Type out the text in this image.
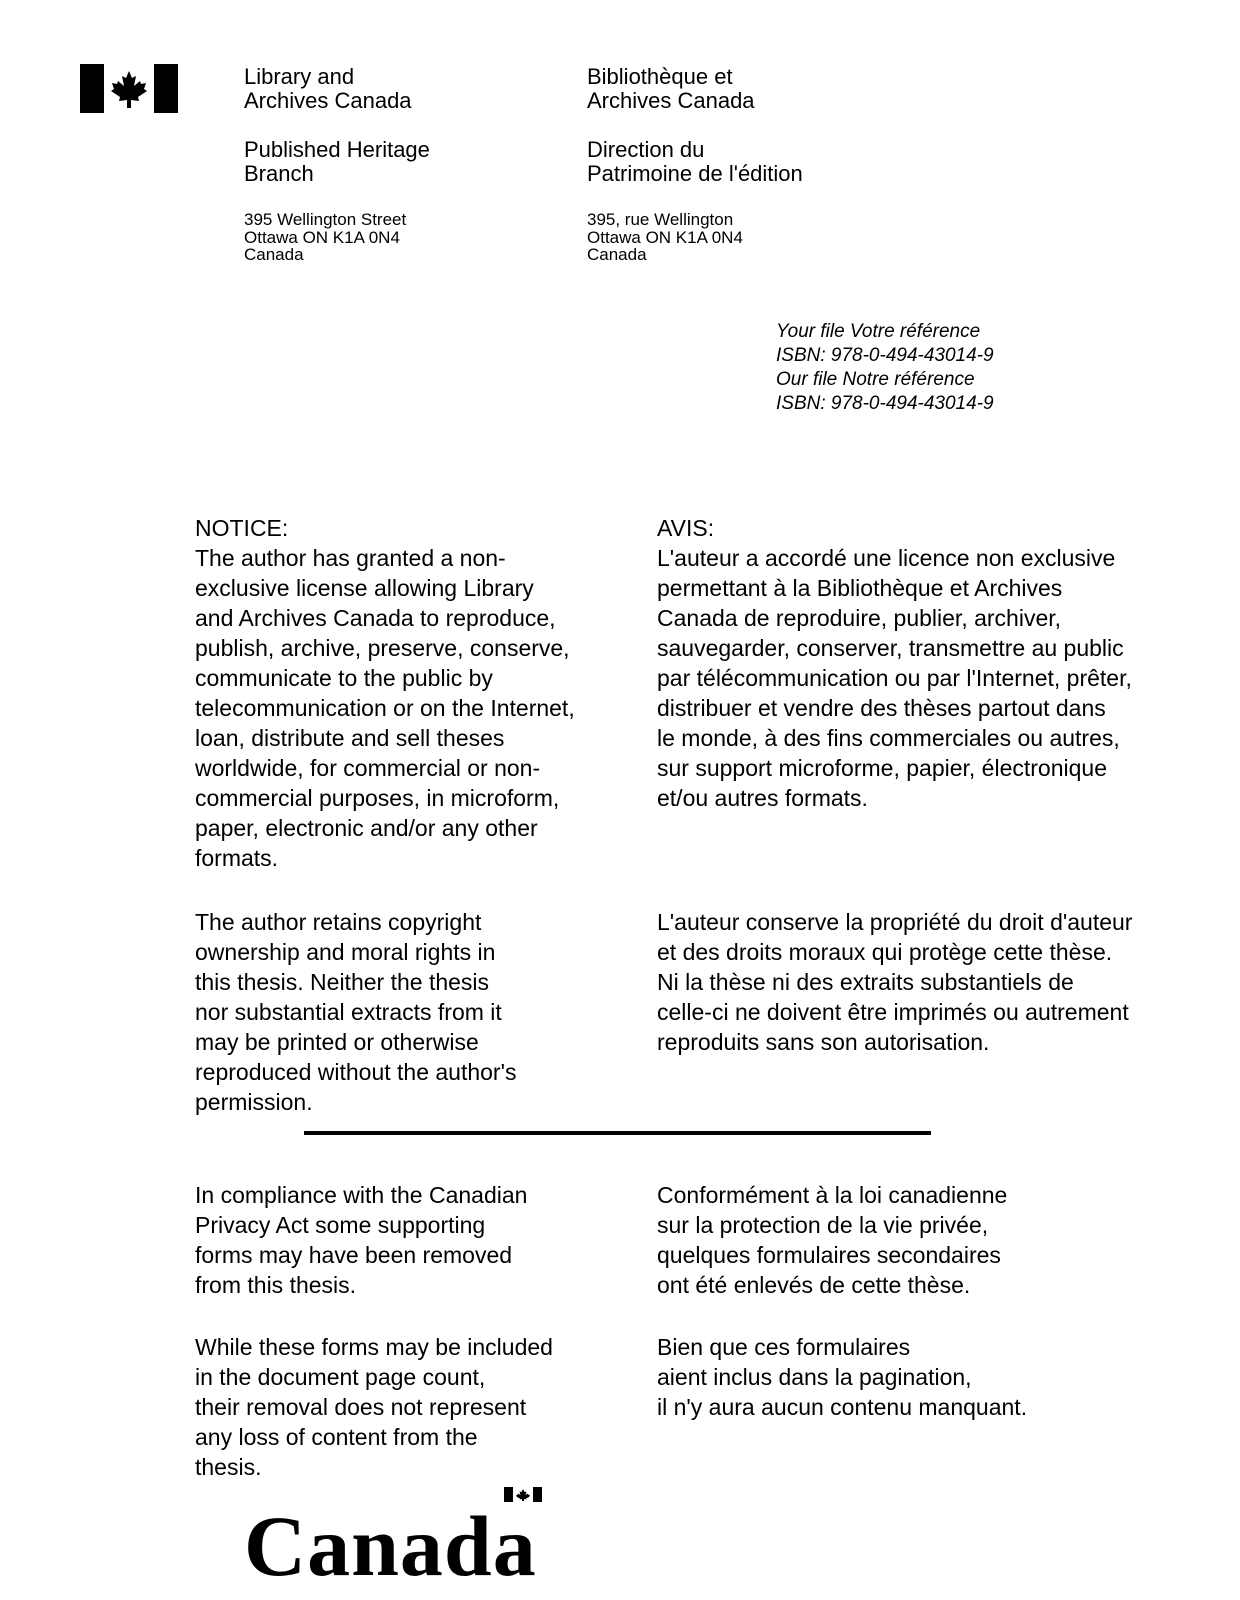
Library and
Archives Canada
Published Heritage
Branch
395 Wellington Street
Ottawa ON K1A 0N4
Canada
Bibliothèque et
Archives Canada
Direction du
Patrimoine de l'édition
395, rue Wellington
Ottawa ON K1A 0N4
Canada
Your file Votre référence
ISBN: 978-0-494-43014-9
Our file Notre référence
ISBN: 978-0-494-43014-9
NOTICE:
The author has granted a non-
exclusive license allowing Library
and Archives Canada to reproduce,
publish, archive, preserve, conserve,
communicate to the public by
telecommunication or on the Internet,
loan, distribute and sell theses
worldwide, for commercial or non-
commercial purposes, in microform,
paper, electronic and/or any other
formats.
AVIS:
L'auteur a accordé une licence non exclusive
permettant à la Bibliothèque et Archives
Canada de reproduire, publier, archiver,
sauvegarder, conserver, transmettre au public
par télécommunication ou par l'Internet, prêter,
distribuer et vendre des thèses partout dans
le monde, à des fins commerciales ou autres,
sur support microforme, papier, électronique
et/ou autres formats.
The author retains copyright
ownership and moral rights in
this thesis. Neither the thesis
nor substantial extracts from it
may be printed or otherwise
reproduced without the author's
permission.
L'auteur conserve la propriété du droit d'auteur
et des droits moraux qui protège cette thèse.
Ni la thèse ni des extraits substantiels de
celle-ci ne doivent être imprimés ou autrement
reproduits sans son autorisation.
In compliance with the Canadian
Privacy Act some supporting
forms may have been removed
from this thesis.
Conformément à la loi canadienne
sur la protection de la vie privée,
quelques formulaires secondaires
ont été enlevés de cette thèse.
While these forms may be included
in the document page count,
their removal does not represent
any loss of content from the
thesis.
Bien que ces formulaires
aient inclus dans la pagination,
il n'y aura aucun contenu manquant.
Canada
